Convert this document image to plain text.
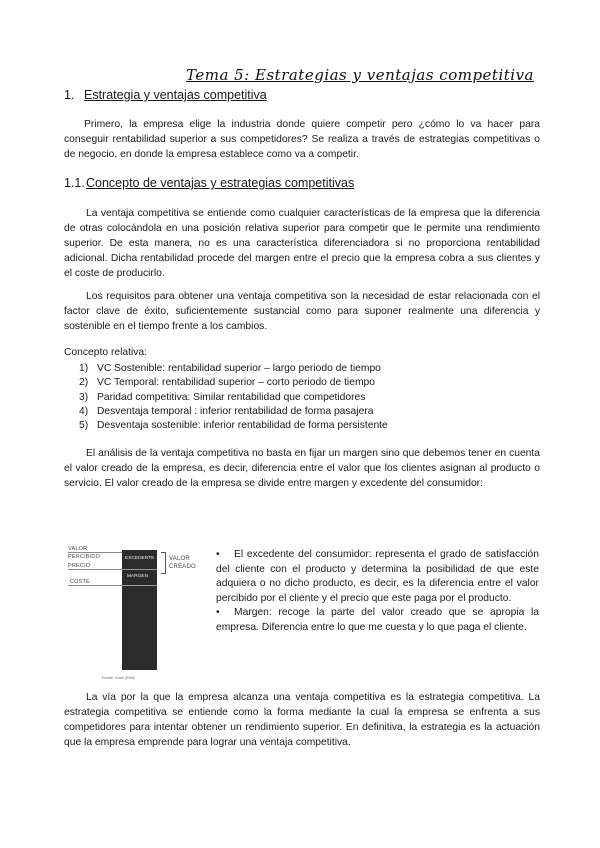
Tema 5: Estrategias y ventajas competitiva
1. Estrategia y ventajas competitiva
Primero, la empresa elige la industria donde quiere competir pero ¿cómo lo va hacer para conseguir rentabilidad superior a sus competidores? Se realiza a través de estrategias competitivas o de negocio, en donde la empresa establece como va a competir.
1.1.Concepto de ventajas y estrategias competitivas
La ventaja competitiva se entiende como cualquier características de la empresa que la diferencia de otras colocándola en una posición relativa superior para competir que le permite una rendimiento superior. De esta manera, no es una característica diferenciadora si no proporciona rentabilidad adicional. Dicha rentabilidad procede del margen entre el precio que la empresa cobra a sus clientes y el coste de producirlo.
Los requisitos para obtener una ventaja competitiva son la necesidad de estar relacionada con el factor clave de éxito, suficientemente sustancial como para suponer realmente una diferencia y sostenible en el tiempo frente a los cambios.
Concepto relativa:
1) VC Sostenible: rentabilidad superior – largo periodo de tiempo
2) VC Temporal: rentabilidad superior – corto periodo de tiempo
3) Paridad competitiva: Similar rentabilidad que competidores
4) Desventaja temporal : inferior rentabilidad de forma pasajera
5) Desventaja sostenible: inferior rentabilidad de forma persistente
El análisis de la ventaja competitiva no basta en fijar un margen sino que debemos tener en cuenta el valor creado de la empresa, es decir, diferencia entre el valor que los clientes asignan al producto o servicio. El valor creado de la empresa se divide entre margen y excedente del consumidor:
VALOR
PERCIBIDO
PRECIO
COSTE
EXCEDENTE
MARGEN
VALOR
CREADO
Fuente: Grant (2006)
• El excedente del consumidor: representa el grado de satisfacción del cliente con el producto y determina la posibilidad de que este adquiera o no dicho producto, es decir, es la diferencia entre el valor percibido por el cliente y el precio que este paga por el producto.
• Margen: recoge la parte del valor creado que se apropia la empresa. Diferencia entre lo que me cuesta y lo que paga el cliente.
La vía por la que la empresa alcanza una ventaja competitiva es la estrategia competitiva. La estrategia competitiva se entiende como la forma mediante la cual la empresa se enfrenta a sus competidores para intentar obtener un rendimiento superior. En definitiva, la estrategia es la actuación que la empresa emprende para lograr una ventaja competitiva.
